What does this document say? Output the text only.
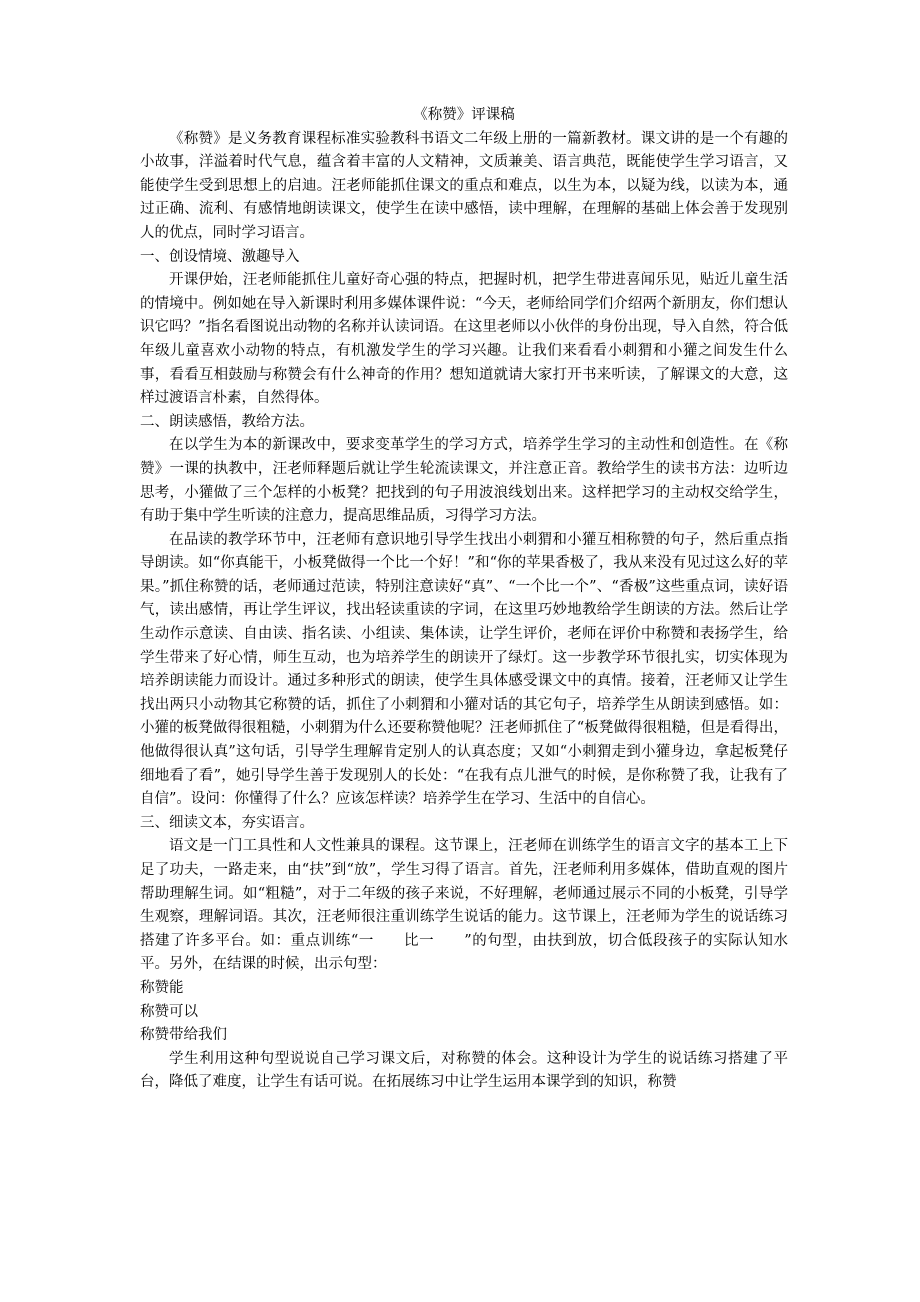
《称赞》评课稿

《称赞》是义务教育课程标准实验教科书语文二年级上册的一篇新教材。课文讲的是一个有趣的小故事，洋溢着时代气息，蕴含着丰富的人文精神，文质兼美、语言典范，既能使学生学习语言，又能使学生受到思想上的启迪。汪老师能抓住课文的重点和难点，以生为本，以疑为线，以读为本，通过正确、流利、有感情地朗读课文，使学生在读中感悟，读中理解，在理解的基础上体会善于发现别人的优点，同时学习语言。

一、创设情境、激趣导入

开课伊始，汪老师能抓住儿童好奇心强的特点，把握时机，把学生带进喜闻乐见，贴近儿童生活的情境中。例如她在导入新课时利用多媒体课件说：“今天，老师给同学们介绍两个新朋友，你们想认识它吗？”指名看图说出动物的名称并认读词语。在这里老师以小伙伴的身份出现，导入自然，符合低年级儿童喜欢小动物的特点，有机激发学生的学习兴趣。让我们来看看小刺猬和小獾之间发生什么事，看看互相鼓励与称赞会有什么神奇的作用？想知道就请大家打开书来听读，了解课文的大意，这样过渡语言朴素，自然得体。

二、朗读感悟，教给方法。

在以学生为本的新课改中，要求变革学生的学习方式，培养学生学习的主动性和创造性。在《称赞》一课的执教中，汪老师释题后就让学生轮流读课文，并注意正音。教给学生的读书方法：边听边思考，小獾做了三个怎样的小板凳？把找到的句子用波浪线划出来。这样把学习的主动权交给学生，有助于集中学生听读的注意力，提高思维品质，习得学习方法。

在品读的教学环节中，汪老师有意识地引导学生找出小刺猬和小獾互相称赞的句子，然后重点指导朗读。如“你真能干，小板凳做得一个比一个好！”和“你的苹果香极了，我从来没有见过这么好的苹果。”抓住称赞的话，老师通过范读，特别注意读好“真”、“一个比一个”、“香极”这些重点词，读好语气，读出感情，再让学生评议，找出轻读重读的字词，在这里巧妙地教给学生朗读的方法。然后让学生动作示意读、自由读、指名读、小组读、集体读，让学生评价，老师在评价中称赞和表扬学生，给学生带来了好心情，师生互动，也为培养学生的朗读开了绿灯。这一步教学环节很扎实，切实体现为培养朗读能力而设计。通过多种形式的朗读，使学生具体感受课文中的真情。接着，汪老师又让学生找出两只小动物其它称赞的话，抓住了小刺猬和小獾对话的其它句子，培养学生从朗读到感悟。如：小獾的板凳做得很粗糙，小刺猬为什么还要称赞他呢？汪老师抓住了“板凳做得很粗糙，但是看得出，他做得很认真”这句话，引导学生理解肯定别人的认真态度；又如“小刺猬走到小獾身边，拿起板凳仔细地看了看”，她引导学生善于发现别人的长处：“在我有点儿泄气的时候，是你称赞了我，让我有了自信”。设问：你懂得了什么？应该怎样读？培养学生在学习、生活中的自信心。

三、细读文本，夯实语言。

语文是一门工具性和人文性兼具的课程。这节课上，汪老师在训练学生的语言文字的基本工上下足了功夫，一路走来，由“扶”到“放”，学生习得了语言。首先，汪老师利用多媒体，借助直观的图片帮助理解生词。如“粗糙”，对于二年级的孩子来说，不好理解，老师通过展示不同的小板凳，引导学生观察，理解词语。其次，汪老师很注重训练学生说话的能力。这节课上，汪老师为学生的说话练习搭建了许多平台。如：重点训练“一　　比一　　”的句型，由扶到放，切合低段孩子的实际认知水平。另外，在结课的时候，出示句型：

称赞能

称赞可以

称赞带给我们

学生利用这种句型说说自己学习课文后，对称赞的体会。这种设计为学生的说话练习搭建了平台，降低了难度，让学生有话可说。在拓展练习中让学生运用本课学到的知识，称赞
